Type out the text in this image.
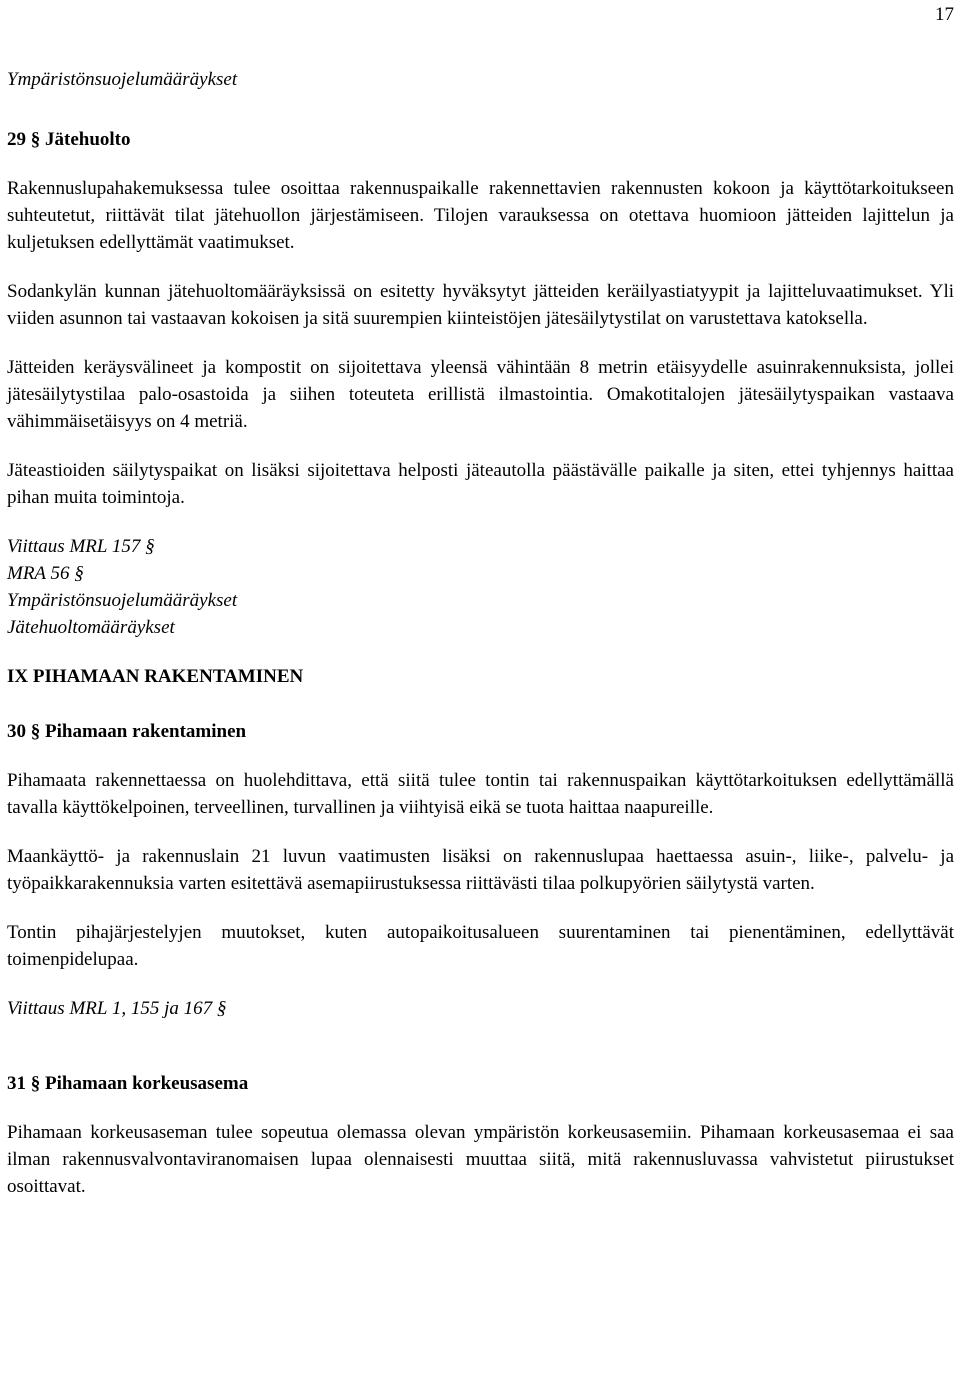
17

Ympäristönsuojelumääräykset

29 § Jätehuolto

Rakennuslupahakemuksessa tulee osoittaa rakennuspaikalle rakennettavien rakennusten kokoon ja käyttötarkoitukseen suhteutetut, riittävät tilat jätehuollon järjestämiseen. Tilojen varauksessa on otettava huomioon jätteiden lajittelun ja kuljetuksen edellyttämät vaatimukset.

Sodankylän kunnan jätehuoltomääräyksissä on esitetty hyväksytyt jätteiden keräilyastiatyypit ja lajitteluvaatimukset. Yli viiden asunnon tai vastaavan kokoisen ja sitä suurempien kiinteistöjen jätesäilytystilat on varustettava katoksella.

Jätteiden keräysvälineet ja kompostit on sijoitettava yleensä vähintään 8 metrin etäisyydelle asuinrakennuksista, jollei jätesäilytystilaa palo-osastoida ja siihen toteuteta erillistä ilmastointia. Omakotitalojen jätesäilytyspaikan vastaava vähimmäisetäisyys on 4 metriä.

Jäteastioiden säilytyspaikat on lisäksi sijoitettava helposti jäteautolla päästävälle paikalle ja siten, ettei tyhjennys haittaa pihan muita toimintoja.

Viittaus MRL 157 §

MRA 56 §

Ympäristönsuojelumääräykset

Jätehuoltomääräykset

IX PIHAMAAN RAKENTAMINEN

30 § Pihamaan rakentaminen

Pihamaata rakennettaessa on huolehdittava, että siitä tulee tontin tai rakennuspaikan käyttötarkoituksen edellyttämällä tavalla käyttökelpoinen, terveellinen, turvallinen ja viihtyisä eikä se tuota haittaa naapureille.

Maankäyttö- ja rakennuslain 21 luvun vaatimusten lisäksi on rakennuslupaa haettaessa asuin-, liike-, palvelu- ja työpaikkarakennuksia varten esitettävä asemapiirustuksessa riittävästi tilaa polkupyörien säilytystä varten.

Tontin pihajärjestelyjen muutokset, kuten autopaikoitusalueen suurentaminen tai pienentäminen, edellyttävät toimenpidelupaa.

Viittaus MRL 1, 155 ja 167 §

31 § Pihamaan korkeusasema

Pihamaan korkeusaseman tulee sopeutua olemassa olevan ympäristön korkeusasemiin. Pihamaan korkeusasemaa ei saa ilman rakennusvalvontaviranomaisen lupaa olennaisesti muuttaa siitä, mitä rakennusluvassa vahvistetut piirustukset osoittavat.
